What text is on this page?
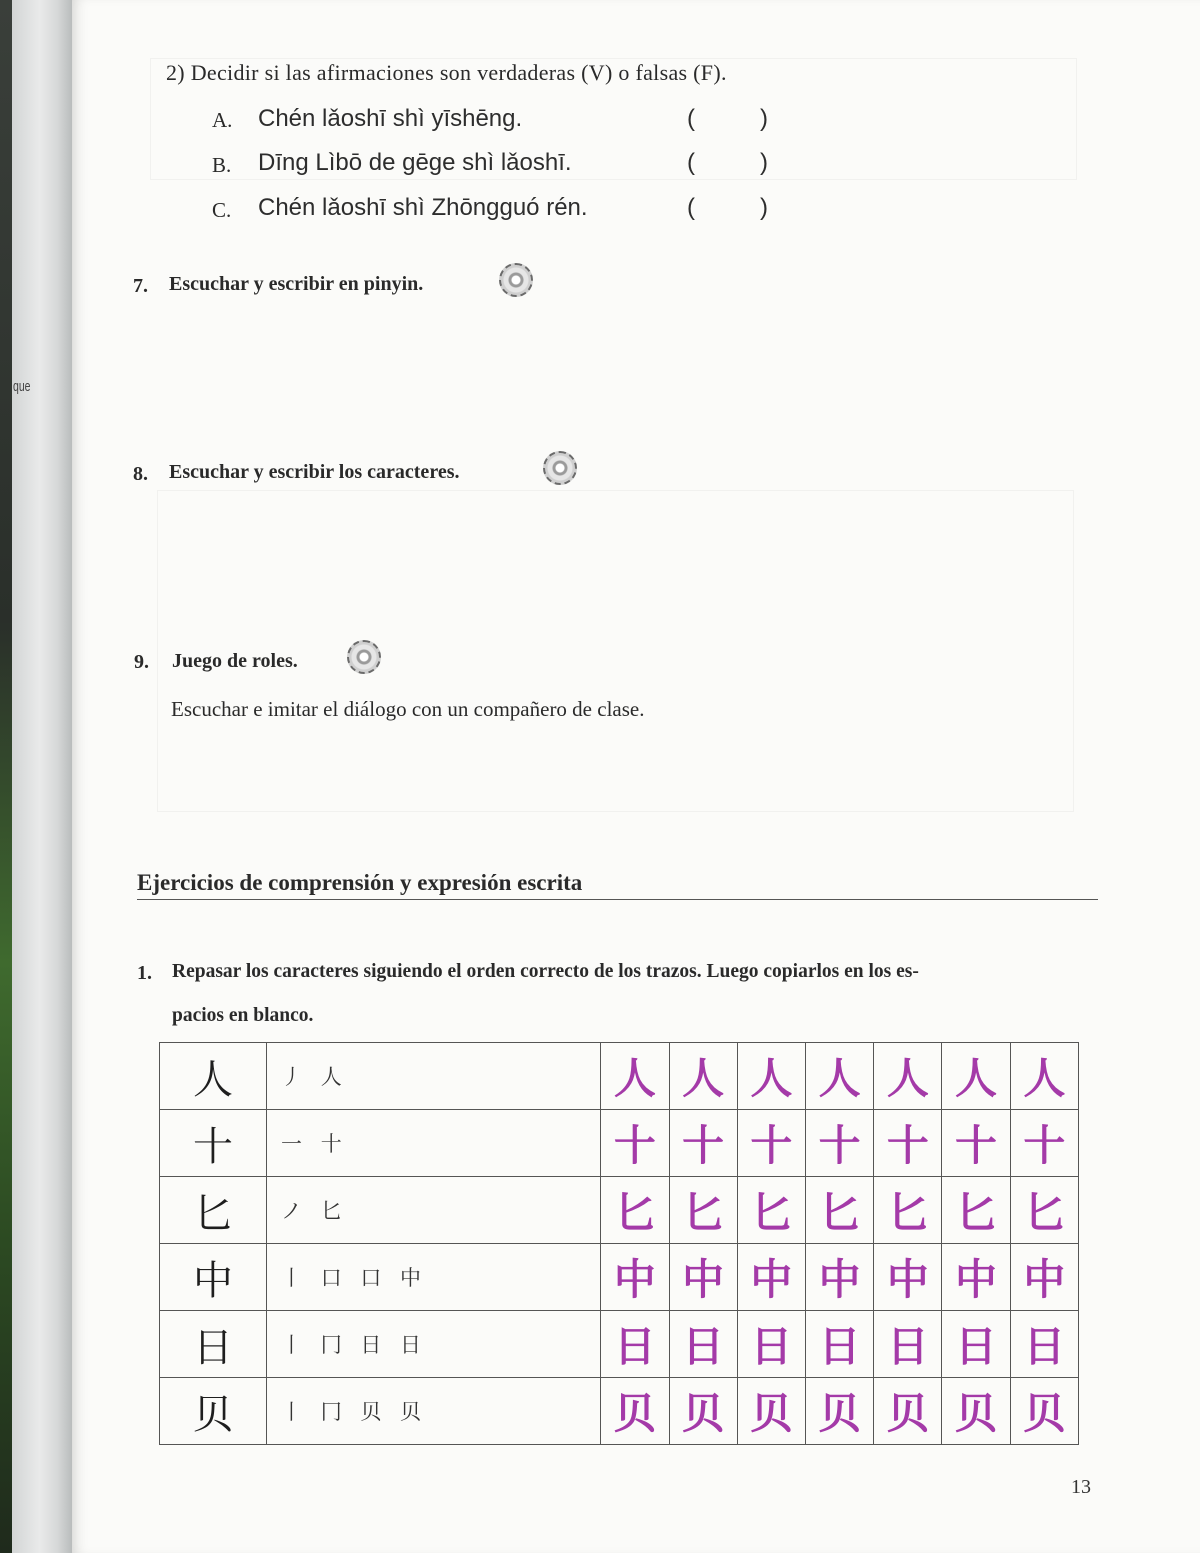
que
2) Decidir si las afirmaciones son verdaderas (V) o falsas (F).
A. Chén lǎoshī shì yīshēng.	(	)
B. Dīng Lìbō de gēge shì lǎoshī.	(	)
C. Chén lǎoshī shì Zhōngguó rén.	(	)
7. Escuchar y escribir en pinyin.
8. Escuchar y escribir los caracteres.
9. Juego de roles.
Escuchar e imitar el diálogo con un compañero de clase.
Ejercicios de comprensión y expresión escrita
1. Repasar los caracteres siguiendo el orden correcto de los trazos. Luego copiarlos en los es-
pacios en blanco.
人	丿 人	人	人	人	人	人	人	人
十	一 十	十	十	十	十	十	十	十
匕	ノ 匕	匕	匕	匕	匕	匕	匕	匕
中	丨 口 口 中	中	中	中	中	中	中	中
日	丨 冂 日 日	日	日	日	日	日	日	日
贝	丨 冂 贝 贝	贝	贝	贝	贝	贝	贝	贝
13
